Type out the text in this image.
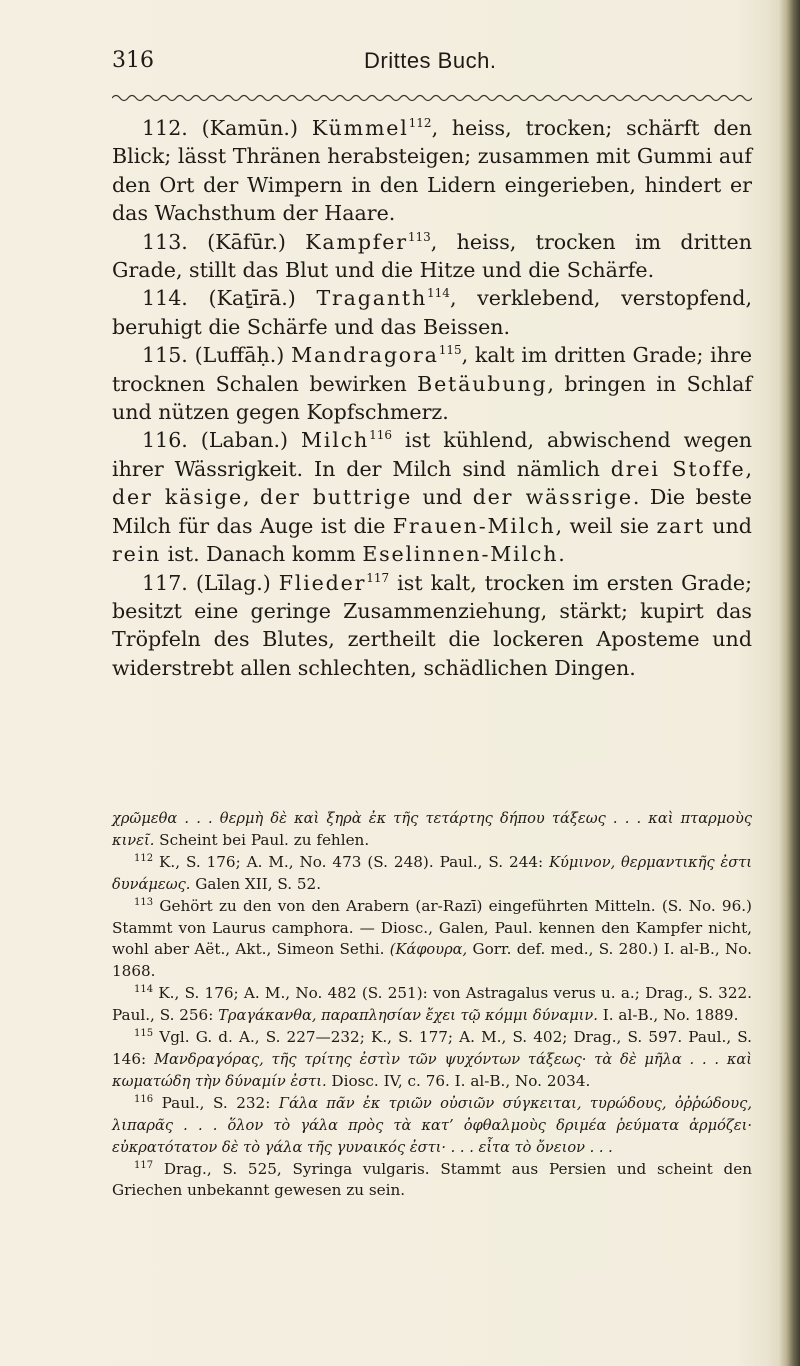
316	Drittes Buch.

112. (Kamūn.) Kümmel$^{112}$, heiss, trocken; schärft den Blick; lässt Thränen herabsteigen; zusammen mit Gummi auf den Ort der Wimpern in den Lidern eingerieben, hindert er das Wachsthum der Haare.

113. (Kāfūr.) Kampfer$^{113}$, heiss, trocken im dritten Grade, stillt das Blut und die Hitze und die Schärfe.

114. (Kaṯīrā.) Traganth$^{114}$, verklebend, verstopfend, beruhigt die Schärfe und das Beissen.

115. (Luffāḥ.) Mandragora$^{115}$, kalt im dritten Grade; ihre trocknen Schalen bewirken Betäubung, bringen in Schlaf und nützen gegen Kopfschmerz.

116. (Laban.) Milch$^{116}$ ist kühlend, abwischend wegen ihrer Wässrigkeit. In der Milch sind nämlich drei Stoffe, der käsige, der buttrige und der wässrige. Die beste Milch für das Auge ist die Frauen-Milch, weil sie zart und rein ist. Danach komm Eselinnen-Milch.

117. (Līlag.) Flieder$^{117}$ ist kalt, trocken im ersten Grade; besitzt eine geringe Zusammenziehung, stärkt; kupirt das Tröpfeln des Blutes, zertheilt die lockeren Aposteme und widerstrebt allen schlechten, schädlichen Dingen.

χρῶμεθα . . . θερμὴ δὲ καὶ ξηρὰ ἐκ τῆς τετάρτης δήπου τάξεως . . . καὶ πταρμοὺς κινεῖ. Scheint bei Paul. zu fehlen.

$^{112}$ K., S. 176; A. M., No. 473 (S. 248). Paul., S. 244: Κύμινον, θερμαντικῆς ἐστι δυνάμεως. Galen XII, S. 52.

$^{113}$ Gehört zu den von den Arabern (ar-Razī) eingeführten Mitteln. (S. No. 96.) Stammt von Laurus camphora. — Diosc., Galen, Paul. kennen den Kampfer nicht, wohl aber Aët., Akt., Simeon Sethi. (Κάφουρα, Gorr. def. med., S. 280.) I. al-B., No. 1868.

$^{114}$ K., S. 176; A. M., No. 482 (S. 251): von Astragalus verus u. a.; Drag., S. 322. Paul., S. 256: Τραγάκανθα, παραπλησίαν ἔχει τῷ κόμμι δύναμιν. I. al-B., No. 1889.

$^{115}$ Vgl. G. d. A., S. 227—232; K., S. 177; A. M., S. 402; Drag., S. 597. Paul., S. 146: Μανδραγόρας, τῆς τρίτης ἐστὶν τῶν ψυχόντων τάξεως· τὰ δὲ μῆλα . . . καὶ κωματώδη τὴν δύναμίν ἐστι. Diosc. IV, c. 76. I. al-B., No. 2034.

$^{116}$ Paul., S. 232: Γάλα πᾶν ἐκ τριῶν οὐσιῶν σύγκειται, τυρώδους, ὀῤῥώδους, λιπαρᾶς . . . ὅλον τὸ γάλα πρὸς τὰ κατ’ ὀφθαλμοὺς δριμέα ῥεύματα ἁρμόζει· εὐκρατότατον δὲ τὸ γάλα τῆς γυναικός ἐστι· . . . εἶτα τὸ ὄνειον . . .

$^{117}$ Drag., S. 525, Syringa vulgaris. Stammt aus Persien und scheint den Griechen unbekannt gewesen zu sein.
